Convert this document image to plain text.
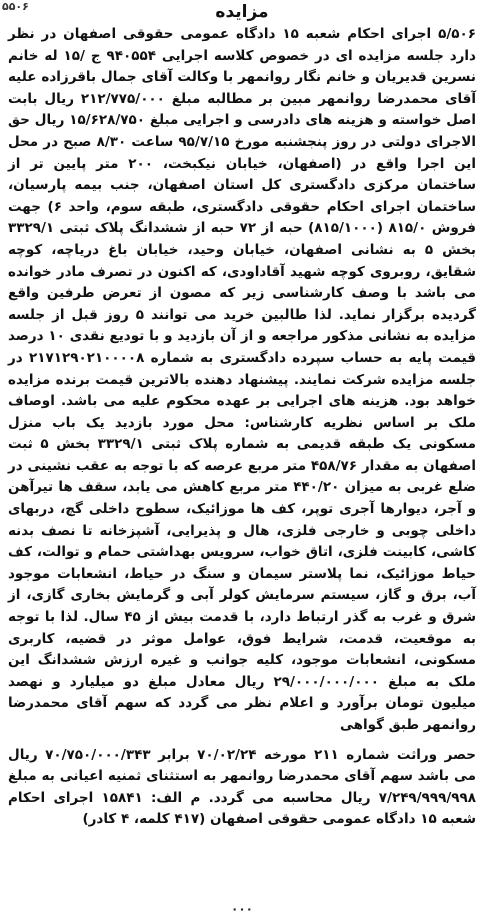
۵۵۰۶	مزایده

۵/۵۰۶ اجرای احکام شعبه ۱۵ دادگاه عمومی حقوقی اصفهان در نظر دارد جلسه مزایده ای در خصوص کلاسه اجرایی ۹۴۰۵۵۴ ج /۱۵ له خانم نسرین قدیریان و خانم نگار روانمهر با وکالت آقای جمال باقرزاده علیه آقای محمدرضا روانمهر مبین بر مطالبه مبلغ ۲۱۲/۷۷۵/۰۰۰ ریال بابت اصل خواسته و هزینه های دادرسی و اجرایی مبلغ ۱۵/۶۲۸/۷۵۰ ریال حق الاجرای دولتی در روز پنجشنبه مورخ ۹۵/۷/۱۵ ساعت ۸/۳۰ صبح در محل این اجرا واقع در (اصفهان، خیابان نیکبخت، ۲۰۰ متر پایین تر از ساختمان مرکزی دادگستری کل استان اصفهان، جنب بیمه پارسیان، ساختمان اجرای احکام حقوقی دادگستری، طبقه سوم، واحد ۶) جهت فروش ۸۱۵/۰ (۸۱۵/۱۰۰۰) حبه از ۷۲ حبه از ششدانگ پلاک ثبتی ۳۳۲۹/۱ بخش ۵ به نشانی اصفهان، خیابان وحید، خیابان باغ دریاچه، کوچه شقایق، روبروی کوچه شهید آقاداودی، که اکنون در تصرف مادر خوانده می باشد با وصف کارشناسی زیر که مصون از تعرض طرفین واقع گردیده برگزار نماید. لذا طالبین خرید می توانند ۵ روز قبل از جلسه مزایده به نشانی مذکور مراجعه و از آن بازدید و با تودیع نقدی ۱۰ درصد قیمت پایه به حساب سپرده دادگستری به شماره ۲۱۷۱۲۹۰۲۱۰۰۰۰۸ در جلسه مزایده شرکت نمایند. پیشنهاد دهنده بالاترین قیمت برنده مزایده خواهد بود. هزینه های اجرایی بر عهده محکوم علیه می باشد. اوصاف ملک بر اساس نظریه کارشناس: محل مورد بازدید یک باب منزل مسکونی یک طبقه قدیمی به شماره پلاک ثبتی ۳۳۲۹/۱ بخش ۵ ثبت اصفهان به مقدار ۴۵۸/۷۶ متر مربع عرصه که با توجه به عقب نشینی در ضلع غربی به میزان ۴۴۰/۲۰ متر مربع کاهش می یابد، سقف ها تیرآهن و آجر، دیوارها آجری توپر، کف ها موزائیک، سطوح داخلی گچ، دربهای داخلی چوبی و خارجی فلزی، هال و پذیرایی، آشپزخانه تا نصف بدنه کاشی، کابینت فلزی، اتاق خواب، سرویس بهداشتی حمام و توالت، کف حیاط موزائیک، نما پلاستر سیمان و سنگ در حیاط، انشعابات موجود آب، برق و گاز، سیستم سرمایش کولر آبی و گرمایش بخاری گازی، از شرق و غرب به گذر ارتباط دارد، با قدمت بیش از ۴۵ سال. لذا با توجه به موقعیت، قدمت، شرایط فوق، عوامل موثر در قضیه، کاربری مسکونی، انشعابات موجود، کلیه جوانب و غیره ارزش ششدانگ این ملک به مبلغ ۲۹/۰۰۰/۰۰۰/۰۰۰ ریال معادل مبلغ دو میلیارد و نهصد میلیون تومان برآورد و اعلام نظر می گردد که سهم آقای محمدرضا روانمهر طبق گواهی

حصر وراثت شماره ۲۱۱ مورخه ۷۰/۰۲/۲۴ برابر ۷۰/۷۵۰/۰۰۰/۳۴۳ ریال می باشد سهم آقای محمدرضا روانمهر به استثنای ثمنیه اعیانی به مبلغ ۷/۲۴۹/۹۹۹/۹۹۸ ریال محاسبه می گردد. م الف: ۱۵۸۴۱ اجرای احکام شعبه ۱۵ دادگاه عمومی حقوقی اصفهان (۴۱۷ کلمه، ۴ کادر)

۰۰۰
